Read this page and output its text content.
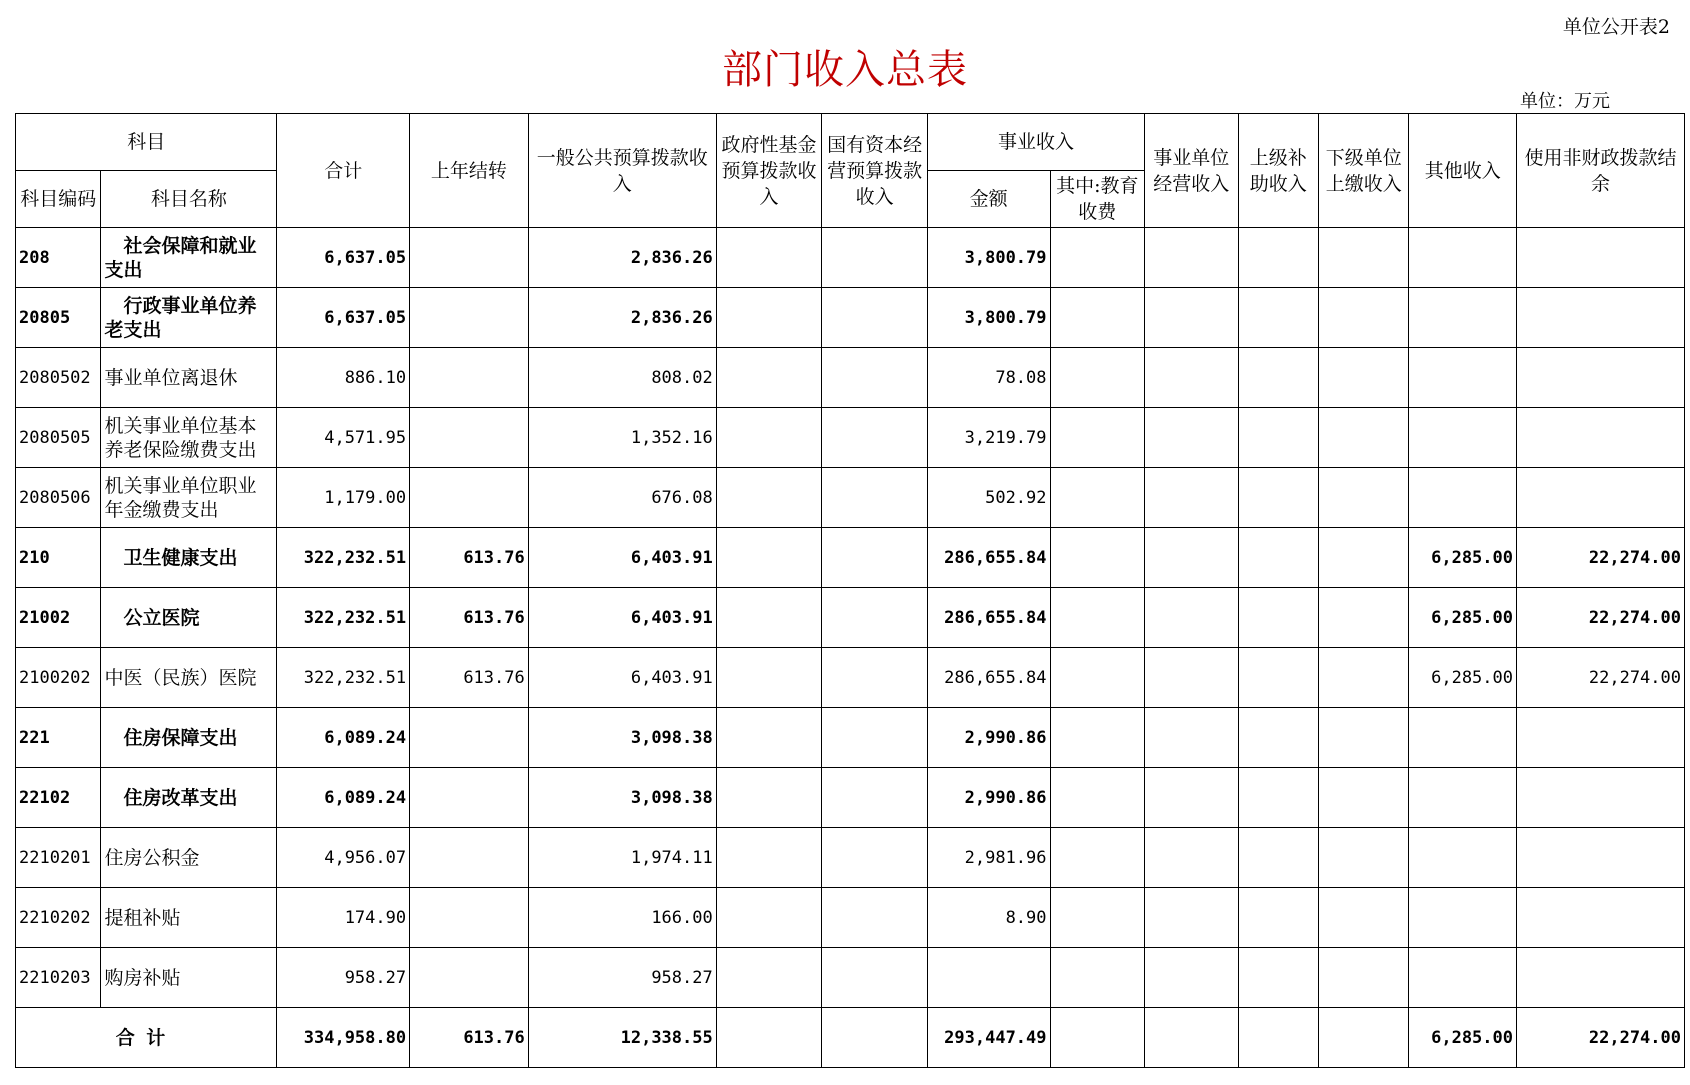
单位公开表2
部门收入总表
单位：万元
科目		合计	上年结转	一般公共预算拨款收入	政府性基金预算拨款收入	国有资本经营预算拨款收入	事业收入		事业单位经营收入	上级补助收入	下级单位上缴收入	其他收入	使用非财政拨款结余
科目编码	科目名称						金额	其中:教育收费					
208	社会保障和就业支出	6,637.05		2,836.26			3,800.79						
20805	行政事业单位养老支出	6,637.05		2,836.26			3,800.79						
2080502	事业单位离退休	886.10		808.02			78.08						
2080505	机关事业单位基本养老保险缴费支出	4,571.95		1,352.16			3,219.79						
2080506	机关事业单位职业年金缴费支出	1,179.00		676.08			502.92						
210	卫生健康支出	322,232.51	613.76	6,403.91			286,655.84					6,285.00	22,274.00
21002	公立医院	322,232.51	613.76	6,403.91			286,655.84					6,285.00	22,274.00
2100202	中医（民族）医院	322,232.51	613.76	6,403.91			286,655.84					6,285.00	22,274.00
221	住房保障支出	6,089.24		3,098.38			2,990.86						
22102	住房改革支出	6,089.24		3,098.38			2,990.86						
2210201	住房公积金	4,956.07		1,974.11			2,981.96						
2210202	提租补贴	174.90		166.00			8.90						
2210203	购房补贴	958.27		958.27									
合计		334,958.80	613.76	12,338.55			293,447.49					6,285.00	22,274.00
